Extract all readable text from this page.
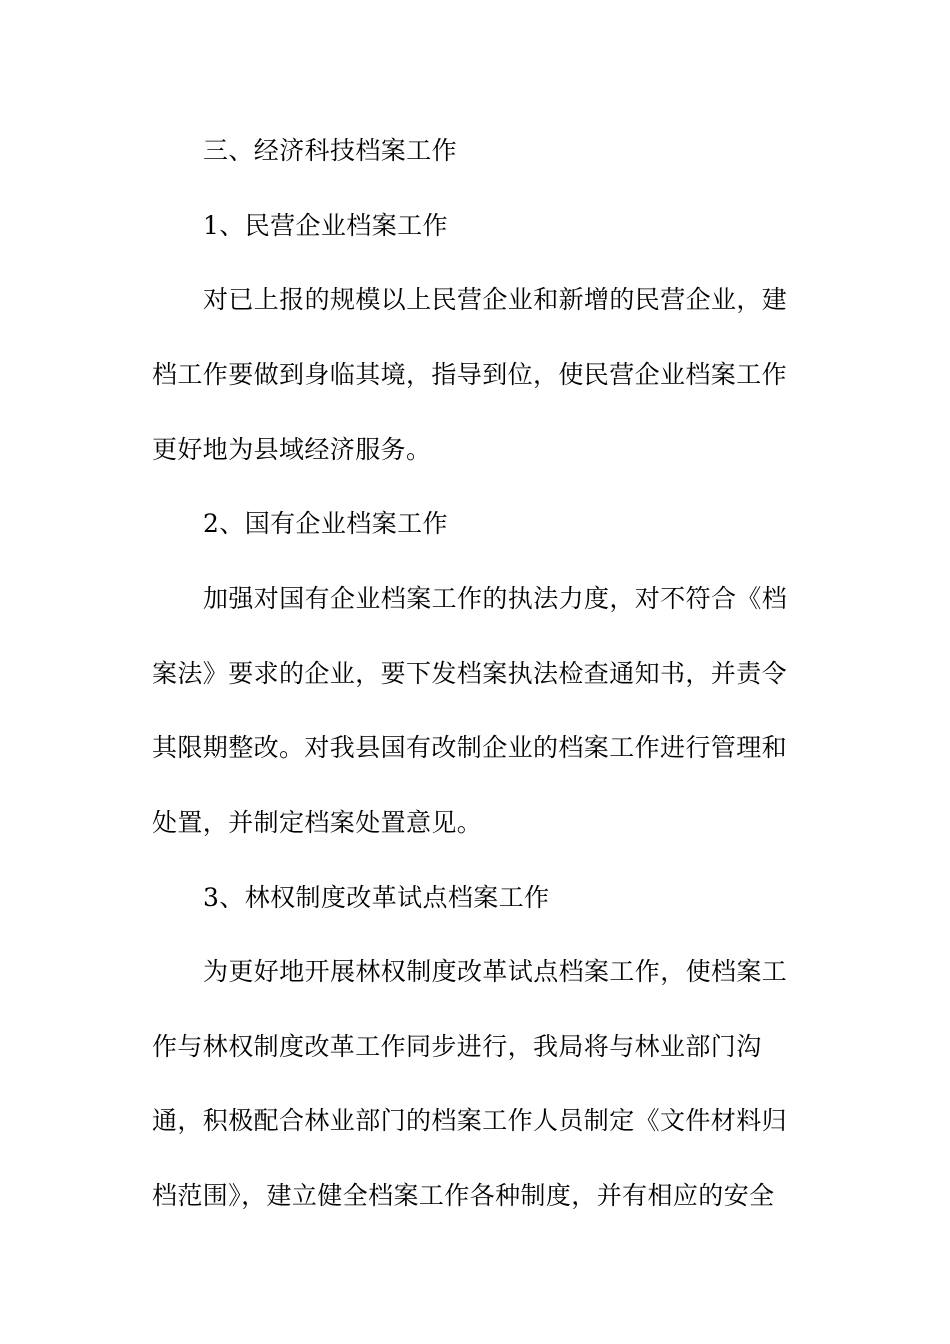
三、经济科技档案工作
1、民营企业档案工作
对已上报的规模以上民营企业和新增的民营企业，建
档工作要做到身临其境，指导到位，使民营企业档案工作
更好地为县域经济服务。
2、国有企业档案工作
加强对国有企业档案工作的执法力度，对不符合《档
案法》要求的企业，要下发档案执法检查通知书，并责令
其限期整改。对我县国有改制企业的档案工作进行管理和
处置，并制定档案处置意见。
3、林权制度改革试点档案工作
为更好地开展林权制度改革试点档案工作，使档案工
作与林权制度改革工作同步进行，我局将与林业部门沟
通，积极配合林业部门的档案工作人员制定《文件材料归
档范围》，建立健全档案工作各种制度，并有相应的安全
